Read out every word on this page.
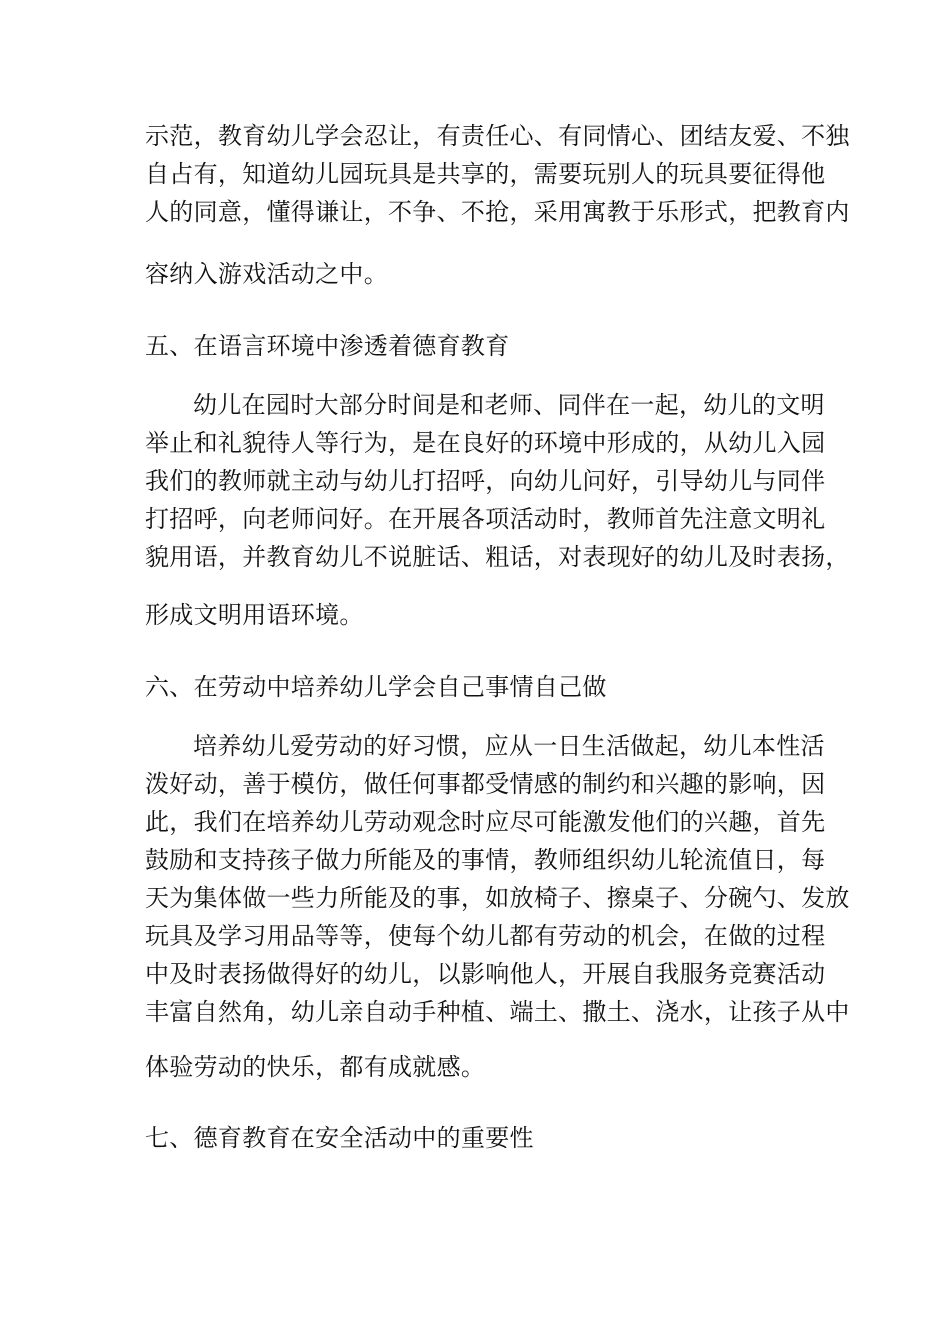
示范，教育幼儿学会忍让，有责任心、有同情心、团结友爱、不独
自占有，知道幼儿园玩具是共享的，需要玩别人的玩具要征得他
人的同意，懂得谦让，不争、不抢，采用寓教于乐形式，把教育内
容纳入游戏活动之中。
五、在语言环境中渗透着德育教育
幼儿在园时大部分时间是和老师、同伴在一起，幼儿的文明
举止和礼貌待人等行为，是在良好的环境中形成的，从幼儿入园
我们的教师就主动与幼儿打招呼，向幼儿问好，引导幼儿与同伴
打招呼，向老师问好。在开展各项活动时，教师首先注意文明礼
貌用语，并教育幼儿不说脏话、粗话，对表现好的幼儿及时表扬，
形成文明用语环境。
六、在劳动中培养幼儿学会自己事情自己做
培养幼儿爱劳动的好习惯，应从一日生活做起，幼儿本性活
泼好动，善于模仿，做任何事都受情感的制约和兴趣的影响，因
此，我们在培养幼儿劳动观念时应尽可能激发他们的兴趣，首先
鼓励和支持孩子做力所能及的事情，教师组织幼儿轮流值日，每
天为集体做一些力所能及的事，如放椅子、擦桌子、分碗勺、发放
玩具及学习用品等等，使每个幼儿都有劳动的机会，在做的过程
中及时表扬做得好的幼儿，以影响他人，开展自我服务竞赛活动
丰富自然角，幼儿亲自动手种植、端土、撒土、浇水，让孩子从中
体验劳动的快乐，都有成就感。
七、德育教育在安全活动中的重要性
